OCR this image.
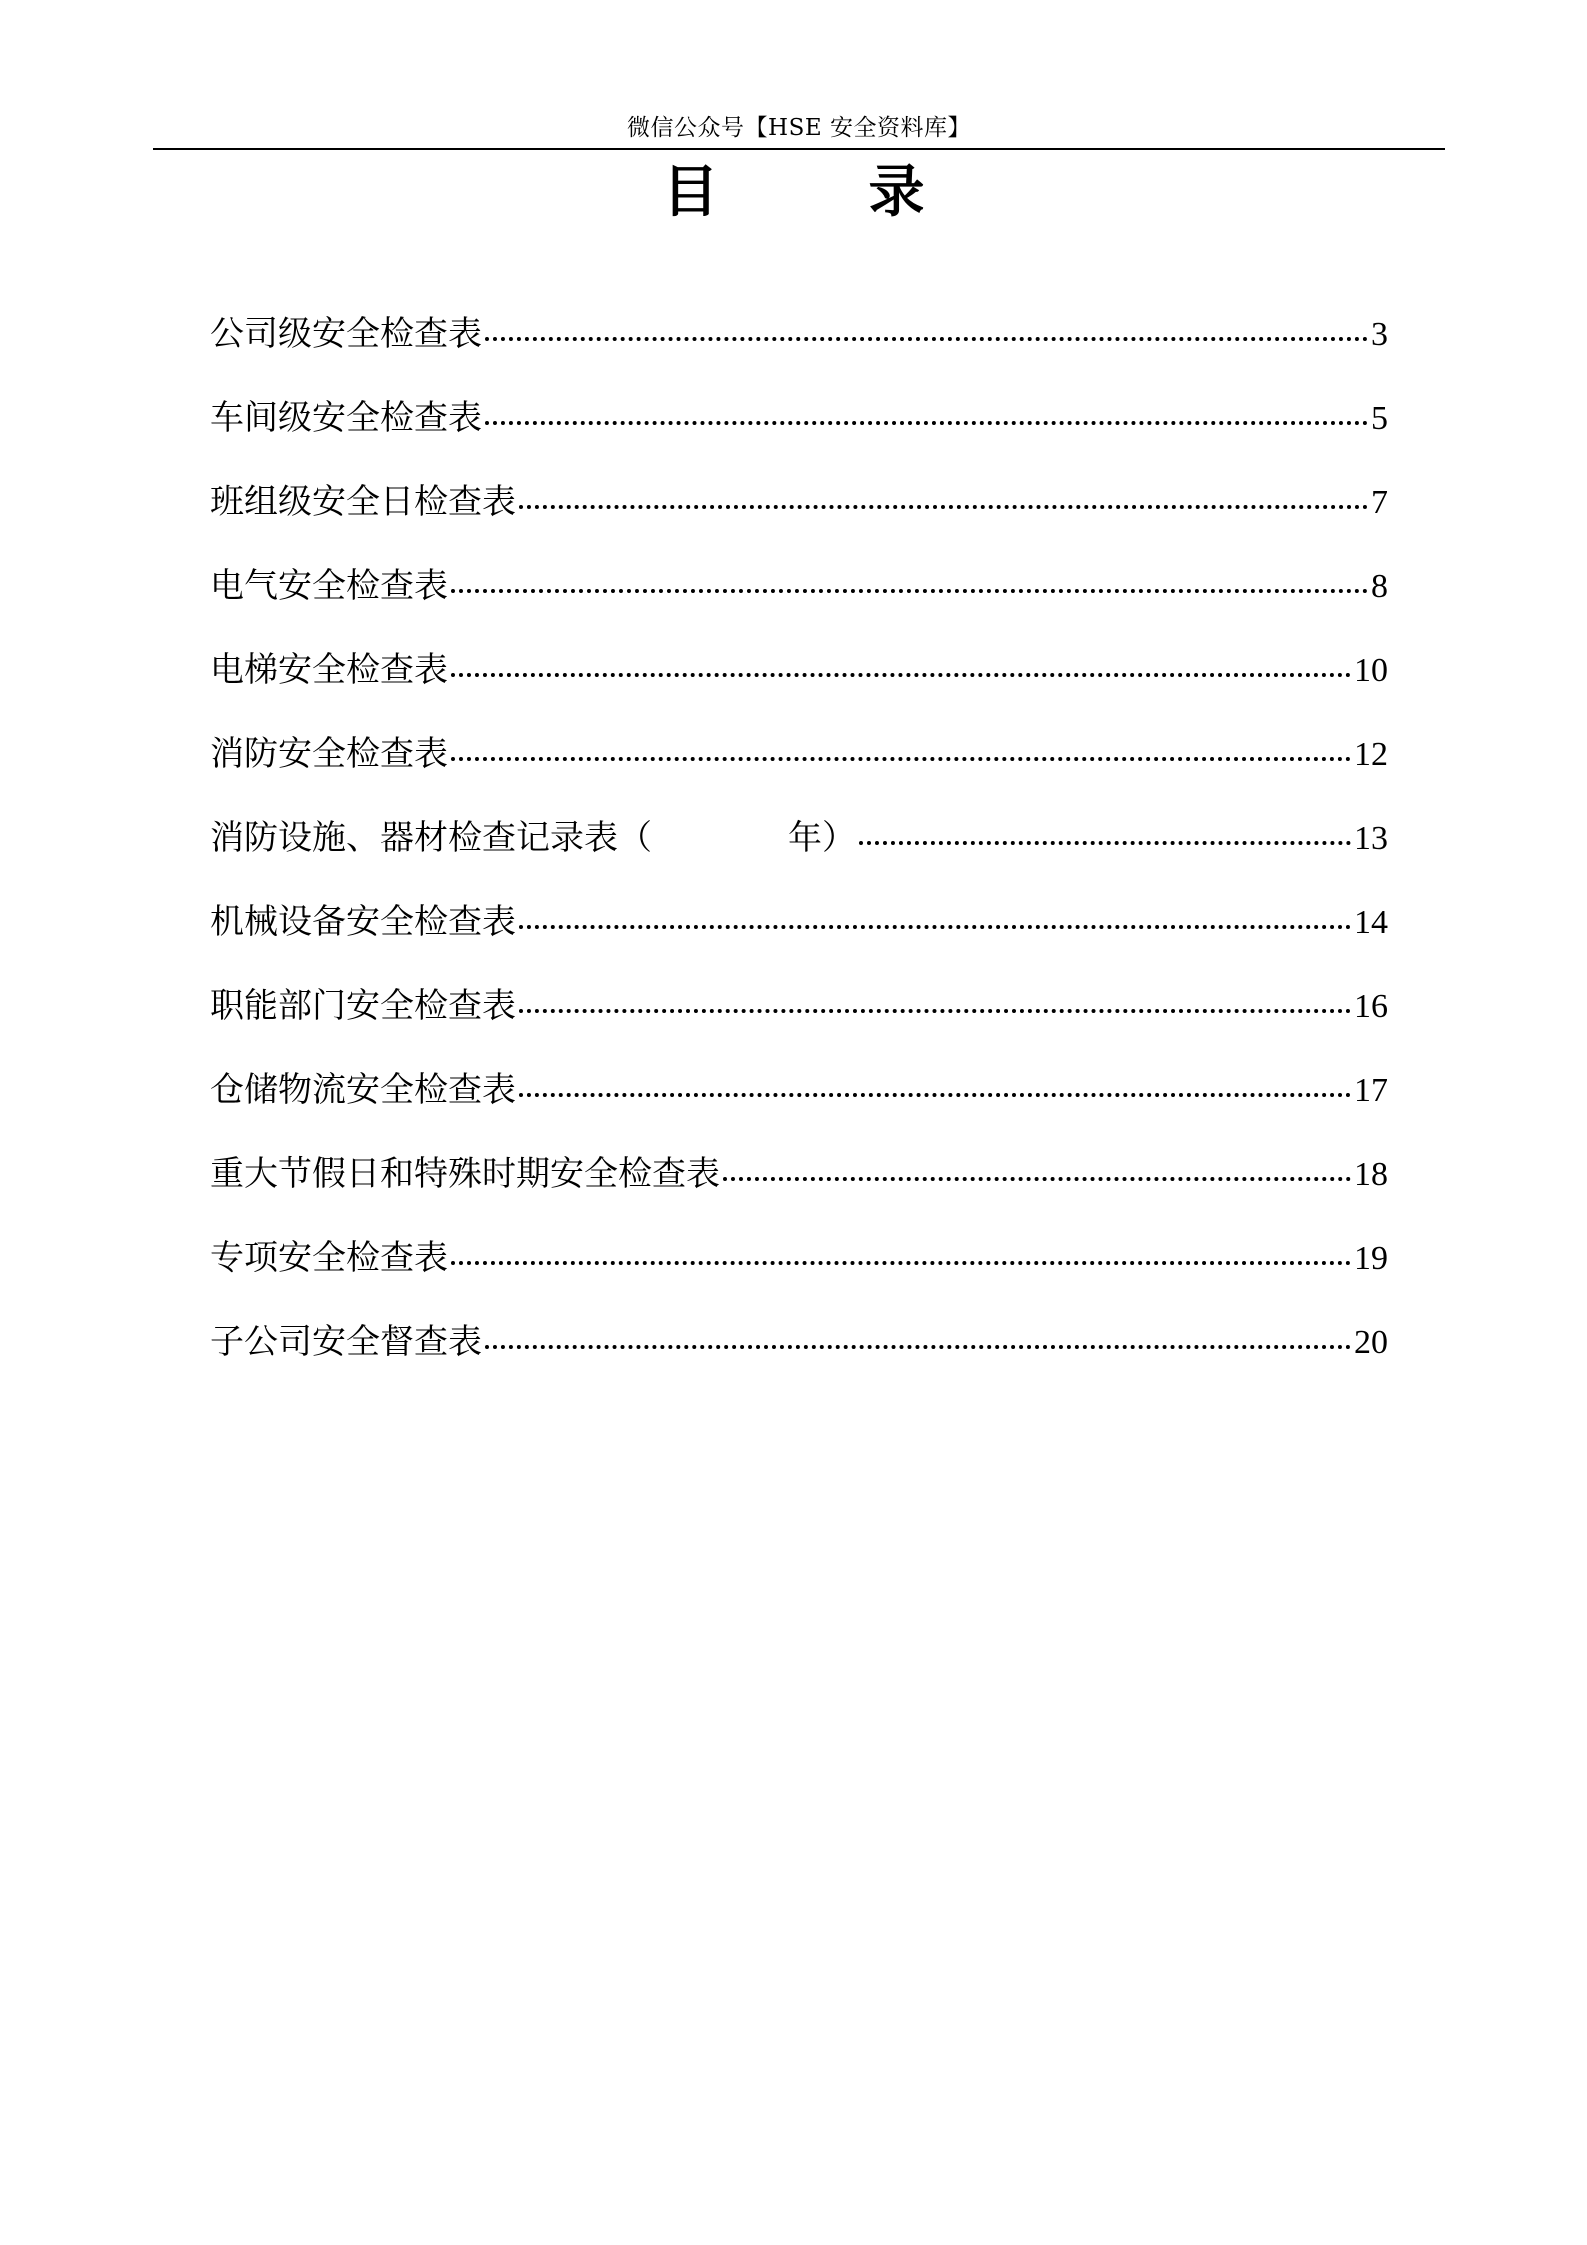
微信公众号【HSE 安全资料库】
目	录
公司级安全检查表	3
车间级安全检查表	5
班组级安全日检查表	7
电气安全检查表	8
电梯安全检查表	10
消防安全检查表	12
消防设施、器材检查记录表（　　　　年）	13
机械设备安全检查表	14
职能部门安全检查表	16
仓储物流安全检查表	17
重大节假日和特殊时期安全检查表	18
专项安全检查表	19
子公司安全督查表	20
